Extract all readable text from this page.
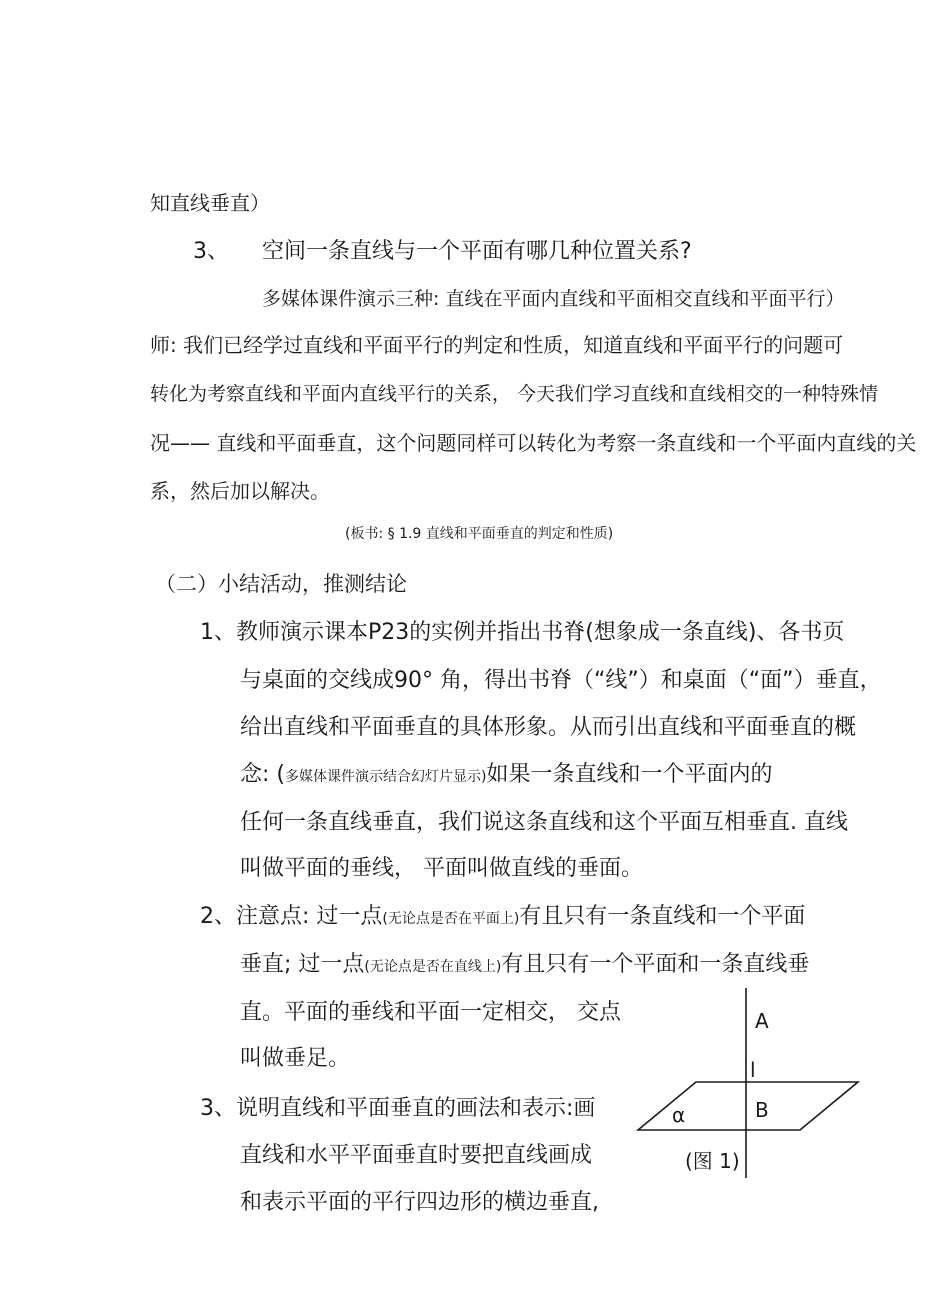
知直线垂直）
3、 空间一条直线与一个平面有哪几种位置关系?
多媒体课件演示三种: 直线在平面内直线和平面相交直线和平面平行）
师: 我们已经学过直线和平面平行的判定和性质，知道直线和平面平行的问题可
转化为考察直线和平面内直线平行的关系， 今天我们学习直线和直线相交的一种特殊情
况—— 直线和平面垂直，这个问题同样可以转化为考察一条直线和一个平面内直线的关
系，然后加以解决。
(板书: § 1.9 直线和平面垂直的判定和性质)
（二）小结活动，推测结论
1、教师演示课本P23的实例并指出书脊(想象成一条直线)、各书页
与桌面的交线成90° 角，得出书脊（“线”）和桌面（“面”）垂直，
给出直线和平面垂直的具体形象。从而引出直线和平面垂直的概
念: (多媒体课件演示结合幻灯片显示)如果一条直线和一个平面内的
任何一条直线垂直，我们说这条直线和这个平面互相垂直. 直线
叫做平面的垂线， 平面叫做直线的垂面。
2、注意点: 过一点(无论点是否在平面上)有且只有一条直线和一个平面
垂直; 过一点(无论点是否在直线上)有且只有一个平面和一条直线垂
直。平面的垂线和平面一定相交， 交点
叫做垂足。
3、说明直线和平面垂直的画法和表示:画
直线和水平平面垂直时要把直线画成
和表示平面的平行四边形的横边垂直,
A
l
B
α
(图 1)
